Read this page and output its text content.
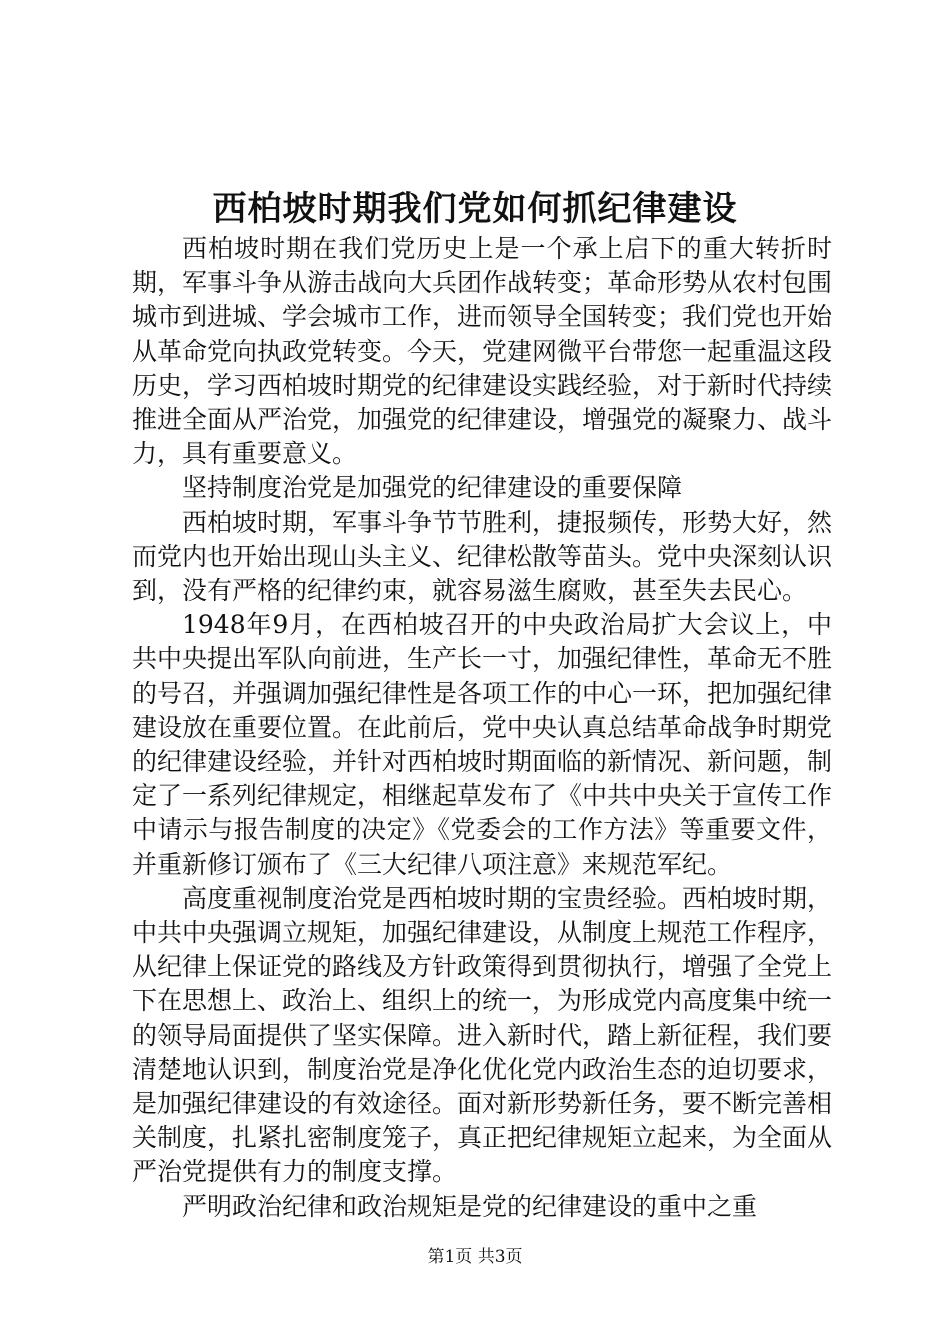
西柏坡时期我们党如何抓纪律建设

西柏坡时期在我们党历史上是一个承上启下的重大转折时期，军事斗争从游击战向大兵团作战转变；革命形势从农村包围城市到进城、学会城市工作，进而领导全国转变；我们党也开始从革命党向执政党转变。今天，党建网微平台带您一起重温这段历史，学习西柏坡时期党的纪律建设实践经验，对于新时代持续推进全面从严治党，加强党的纪律建设，增强党的凝聚力、战斗力，具有重要意义。

坚持制度治党是加强党的纪律建设的重要保障

西柏坡时期，军事斗争节节胜利，捷报频传，形势大好，然而党内也开始出现山头主义、纪律松散等苗头。党中央深刻认识到，没有严格的纪律约束，就容易滋生腐败，甚至失去民心。

1948年9月，在西柏坡召开的中央政治局扩大会议上，中共中央提出军队向前进，生产长一寸，加强纪律性，革命无不胜的号召，并强调加强纪律性是各项工作的中心一环，把加强纪律建设放在重要位置。在此前后，党中央认真总结革命战争时期党的纪律建设经验，并针对西柏坡时期面临的新情况、新问题，制定了一系列纪律规定，相继起草发布了《中共中央关于宣传工作中请示与报告制度的决定》《党委会的工作方法》等重要文件，并重新修订颁布了《三大纪律八项注意》来规范军纪。

高度重视制度治党是西柏坡时期的宝贵经验。西柏坡时期，中共中央强调立规矩，加强纪律建设，从制度上规范工作程序，从纪律上保证党的路线及方针政策得到贯彻执行，增强了全党上下在思想上、政治上、组织上的统一，为形成党内高度集中统一的领导局面提供了坚实保障。进入新时代，踏上新征程，我们要清楚地认识到，制度治党是净化优化党内政治生态的迫切要求，是加强纪律建设的有效途径。面对新形势新任务，要不断完善相关制度，扎紧扎密制度笼子，真正把纪律规矩立起来，为全面从严治党提供有力的制度支撑。

严明政治纪律和政治规矩是党的纪律建设的重中之重

第1页 共3页
